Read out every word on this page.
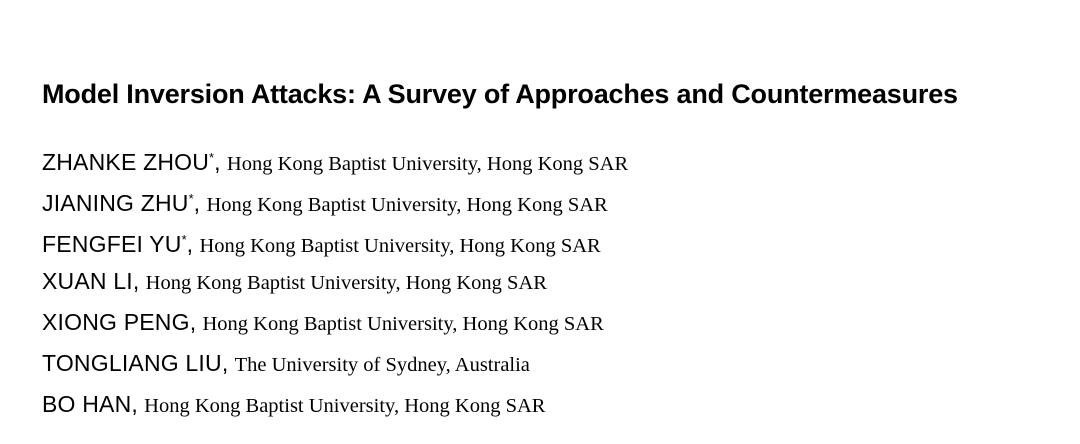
Model Inversion Attacks: A Survey of Approaches and Countermeasures
ZHANKE ZHOU*, Hong Kong Baptist University, Hong Kong SAR
JIANING ZHU*, Hong Kong Baptist University, Hong Kong SAR
FENGFEI YU*, Hong Kong Baptist University, Hong Kong SAR
XUAN LI, Hong Kong Baptist University, Hong Kong SAR
XIONG PENG, Hong Kong Baptist University, Hong Kong SAR
TONGLIANG LIU, The University of Sydney, Australia
BO HAN, Hong Kong Baptist University, Hong Kong SAR
